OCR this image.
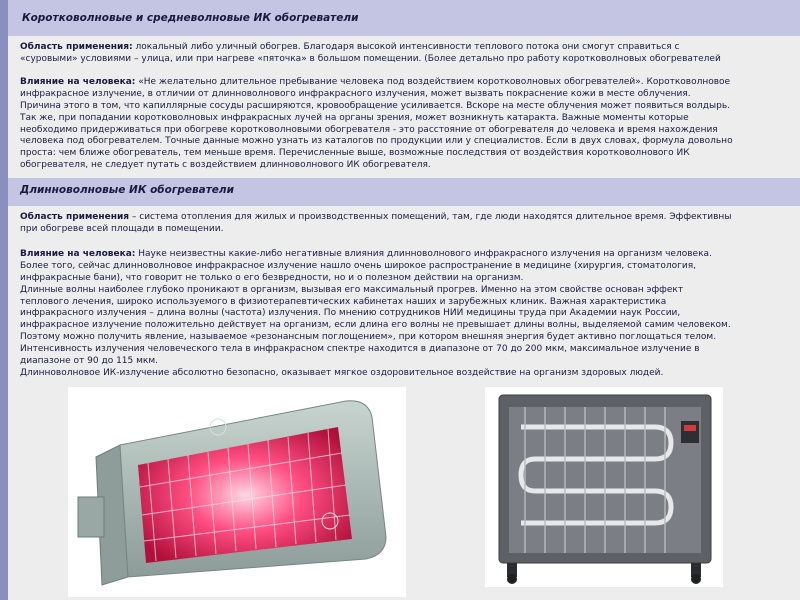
Коротковолновые и средневолновые ИК обогреватели
Область применения: локальный либо уличный обогрев. Благодаря высокой интенсивности теплового потока они смогут справиться с
«суровыми» условиями – улица, или при нагреве «пяточка» в большом помещении. (Более детально про работу коротковолновых обогревателей
Влияние на человека: «Не желательно длительное пребывание человека под воздействием коротковолновых обогревателей». Коротковолновое
инфракрасное излучение, в отличии от длинноволнового инфракрасного излучения, может вызвать покраснение кожи в месте облучения.
Причина этого в том, что капиллярные сосуды расширяются, кровообращение усиливается. Вскоре на месте облучения может появиться волдырь.
Так же, при попадании коротковолновых инфракрасных лучей на органы зрения, может возникнуть катаракта. Важные моменты которые
необходимо придерживаться при обогреве коротковолновыми обогревателя - это расстояние от обогревателя до человека и время нахождения
человека под обогревателем. Точные данные можно узнать из каталогов по продукции или у специалистов. Если в двух словах, формула довольно
проста: чем ближе обогреватель, тем меньше время. Перечисленные выше, возможные последствия от воздействия коротковолнового ИК
обогревателя, не следует путать с воздействием длинноволнового ИК обогревателя.
Длинноволновые ИК обогреватели
Область применения – система отопления для жилых и производственных помещений, там, где люди находятся длительное время. Эффективны
при обогреве всей площади в помещении.
Влияние на человека: Науке неизвестны какие-либо негативные влияния длинноволнового инфракрасного излучения на организм человека.
Более того, сейчас длинноволновое инфракрасное излучение нашло очень широкое распространение в медицине (хирургия, стоматология,
инфракрасные бани), что говорит не только о его безвредности, но и о полезном действии на организм.
Длинные волны наиболее глубоко проникают в организм, вызывая его максимальный прогрев. Именно на этом свойстве основан эффект
теплового лечения, широко используемого в физиотерапевтических кабинетах наших и зарубежных клиник. Важная характеристика
инфракрасного излучения – длина волны (частота) излучения. По мнению сотрудников НИИ медицины труда при Академии наук России,
инфракрасное излучение положительно действует на организм, если длина его волны не превышает длины волны, выделяемой самим человеком.
Поэтому можно получить явление, называемое «резонансным поглощением», при котором внешняя энергия будет активно поглощаться телом.
Интенсивность излучения человеческого тела в инфракрасном спектре находится в диапазоне от 70 до 200 мкм, максимальное излучение в
диапазоне от 90 до 115 мкм.
Длинноволновое ИК-излучение абсолютно безопасно, оказывает мягкое оздоровительное воздействие на организм здоровых людей.
